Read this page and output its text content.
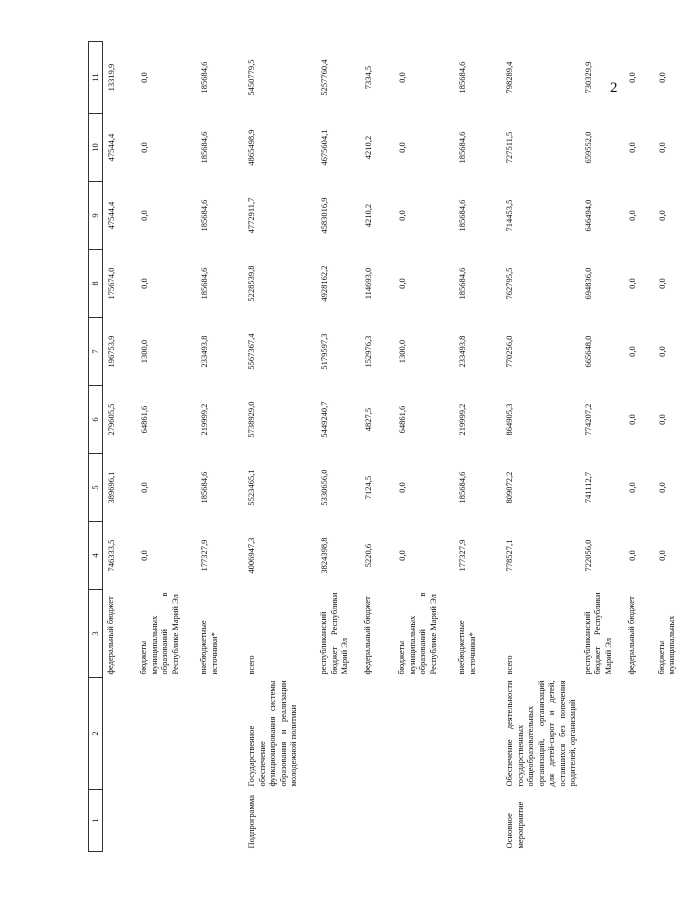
2
1	2	3	4	5	6	7	8	9	10	11
		федеральный бюджет	746333,5	389696,1	279605,5	196753,9	175674,0	47544,4	47544,4	13319,9
		бюджеты муниципальных образований в Республике Марий Эл	0,0	0,0	64861,6	1300,0	0,0	0,0	0,0	0,0
		внебюджетные источники*	177327,9	185684,6	219999,2	233493,8	185684,6	185684,6	185684,6	185684,6
Подпрограмма	Государственное обеспечение функционирования системы образования и реализации молодежной политики	всего	4006947,3	5523465,1	5738929,0	5567367,4	5228539,8	4772911,7	4865498,9	5450779,5
		республиканский бюджет Республики Марий Эл	3824398,8	5330656,0	5449240,7	5179597,3	4928162,2	4583016,9	4675604,1	5257760,4
		федеральный бюджет	5220,6	7124,5	4827,5	152976,3	114693,0	4210,2	4210,2	7334,5
		бюджеты муниципальных образований в Республике Марий Эл	0,0	0,0	64861,6	1300,0	0,0	0,0	0,0	0,0
		внебюджетные источники*	177327,9	185684,6	219999,2	233493,8	185684,6	185684,6	185684,6	185684,6
Основное мероприятие	Обеспечение деятельности государственных общеобразовательных организаций, организаций для детей-сирот и детей, оставшихся без попечения родителей, организаций	всего	778527,1	809072,2	864905,3	770256,0	762795,5	714453,5	727511,5	798289,4
		республиканский бюджет Республики Марий Эл	722056,0	741112,7	774207,2	665648,0	694836,0	646494,0	659552,0	730329,9
		федеральный бюджет	0,0	0,0	0,0	0,0	0,0	0,0	0,0	0,0
		бюджеты муниципальных	0,0	0,0	0,0	0,0	0,0	0,0	0,0	0,0
